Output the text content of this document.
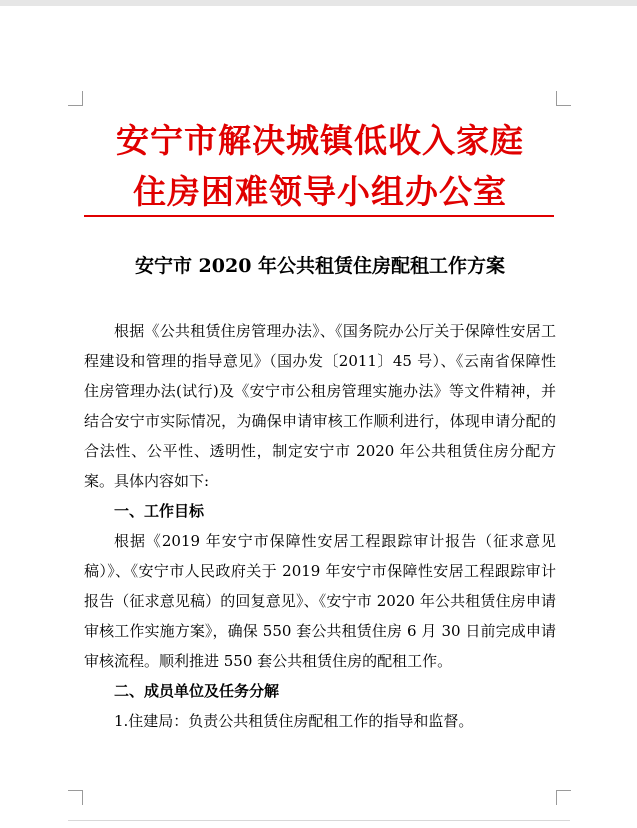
安宁市解决城镇低收入家庭
住房困难领导小组办公室
安宁市 2020 年公共租赁住房配租工作方案

根据《公共租赁住房管理办法》、《国务院办公厅关于保障性安居工程建设和管理的指导意见》（国办发〔2011〕45 号）、《云南省保障性住房管理办法(试行)及《安宁市公租房管理实施办法》等文件精神，并结合安宁市实际情况，为确保申请审核工作顺利进行，体现申请分配的合法性、公平性、透明性，制定安宁市 2020 年公共租赁住房分配方案。具体内容如下:

一、工作目标

根据《2019 年安宁市保障性安居工程跟踪审计报告（征求意见稿）》、《安宁市人民政府关于 2019 年安宁市保障性安居工程跟踪审计报告（征求意见稿）的回复意见》、《安宁市 2020 年公共租赁住房申请审核工作实施方案》，确保 550 套公共租赁住房 6 月 30 日前完成申请审核流程。顺利推进 550 套公共租赁住房的配租工作。

二、成员单位及任务分解

1.住建局：负责公共租赁住房配租工作的指导和监督。
